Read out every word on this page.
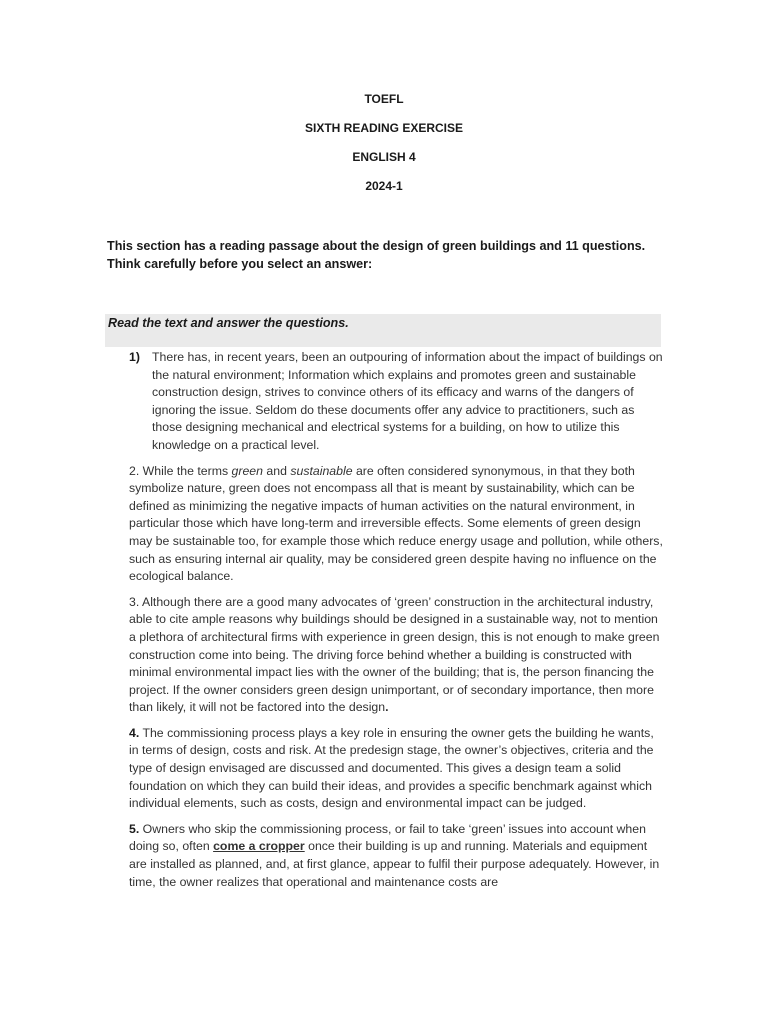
TOEFL
SIXTH READING EXERCISE
ENGLISH 4
2024-1
This section has a reading passage about the design of green buildings and 11 questions. Think carefully before you select an answer:
Read the text and answer the questions.

1) There has, in recent years, been an outpouring of information about the impact of buildings on the natural environment; Information which explains and promotes green and sustainable construction design, strives to convince others of its efficacy and warns of the dangers of ignoring the issue. Seldom do these documents offer any advice to practitioners, such as those designing mechanical and electrical systems for a building, on how to utilize this knowledge on a practical level.

2. While the terms green and sustainable are often considered synonymous, in that they both symbolize nature, green does not encompass all that is meant by sustainability, which can be defined as minimizing the negative impacts of human activities on the natural environment, in particular those which have long-term and irreversible effects. Some elements of green design may be sustainable too, for example those which reduce energy usage and pollution, while others, such as ensuring internal air quality, may be considered green despite having no influence on the ecological balance.

3. Although there are a good many advocates of ‘green’ construction in the architectural industry, able to cite ample reasons why buildings should be designed in a sustainable way, not to mention a plethora of architectural firms with experience in green design, this is not enough to make green construction come into being. The driving force behind whether a building is constructed with minimal environmental impact lies with the owner of the building; that is, the person financing the project. If the owner considers green design unimportant, or of secondary importance, then more than likely, it will not be factored into the design.

4. The commissioning process plays a key role in ensuring the owner gets the building he wants, in terms of design, costs and risk. At the predesign stage, the owner’s objectives, criteria and the type of design envisaged are discussed and documented. This gives a design team a solid foundation on which they can build their ideas, and provides a specific benchmark against which individual elements, such as costs, design and environmental impact can be judged.

5. Owners who skip the commissioning process, or fail to take ‘green’ issues into account when doing so, often come a cropper once their building is up and running. Materials and equipment are installed as planned, and, at first glance, appear to fulfil their purpose adequately. However, in time, the owner realizes that operational and maintenance costs are
